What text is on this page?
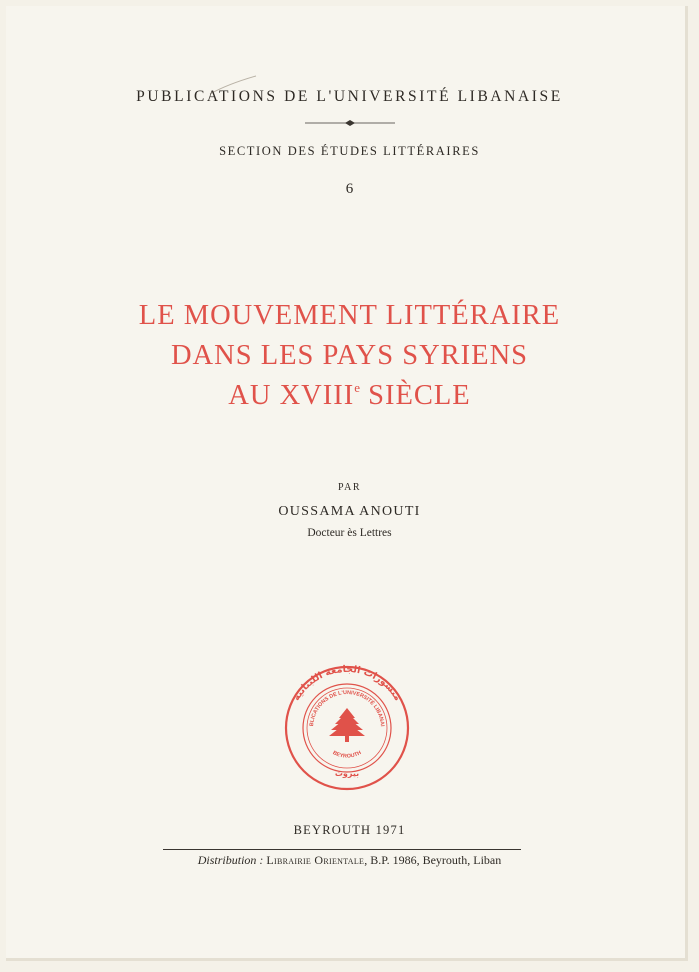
PUBLICATIONS DE L'UNIVERSITÉ LIBANAISE
SECTION DES ÉTUDES LITTÉRAIRES
6
LE MOUVEMENT LITTÉRAIRE
DANS LES PAYS SYRIENS
AU XVIIIe SIÈCLE
PAR
OUSSAMA ANOUTI
Docteur ès Lettres
منشورات الجامعة اللبنانية
BLICATIONS DE L'UNIVERSITÉ LIBANAI
BEYROUTH
بيروت
BEYROUTH 1971
Distribution : Librairie Orientale, B.P. 1986, Beyrouth, Liban
